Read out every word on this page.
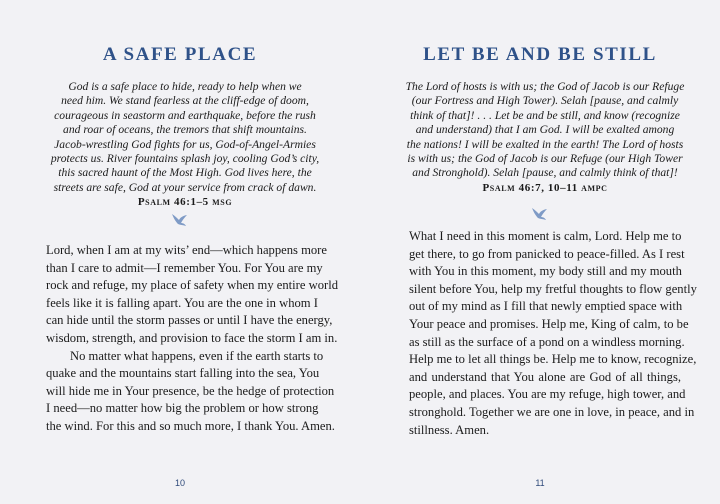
A SAFE PLACE
God is a safe place to hide, ready to help when we
need him. We stand fearless at the cliff-edge of doom,
courageous in seastorm and earthquake, before the rush
and roar of oceans, the tremors that shift mountains.
Jacob-wrestling God fights for us, God-of-Angel-Armies
protects us. River fountains splash joy, cooling God’s city,
this sacred haunt of the Most High. God lives here, the
streets are safe, God at your service from crack of dawn.
Psalm 46:1–5 msg
Lord, when I am at my wits’ end—which happens more
than I care to admit—I remember You. For You are my
rock and refuge, my place of safety when my entire world
feels like it is falling apart. You are the one in whom I
can hide until the storm passes or until I have the energy,
wisdom, strength, and provision to face the storm I am in.
No matter what happens, even if the earth starts to
quake and the mountains start falling into the sea, You
will hide me in Your presence, be the hedge of protection
I need—no matter how big the problem or how strong
the wind. For this and so much more, I thank You. Amen.
10
LET BE AND BE STILL
The Lord of hosts is with us; the God of Jacob is our Refuge
(our Fortress and High Tower). Selah [pause, and calmly
think of that]! . . . Let be and be still, and know (recognize
and understand) that I am God. I will be exalted among
the nations! I will be exalted in the earth! The Lord of hosts
is with us; the God of Jacob is our Refuge (our High Tower
and Stronghold). Selah [pause, and calmly think of that]!
Psalm 46:7, 10–11 ampc
What I need in this moment is calm, Lord. Help me to
get there, to go from panicked to peace-filled. As I rest
with You in this moment, my body still and my mouth
silent before You, help my fretful thoughts to flow gently
out of my mind as I fill that newly emptied space with
Your peace and promises. Help me, King of calm, to be
as still as the surface of a pond on a windless morning.
Help me to let all things be. Help me to know, recognize,
and understand that You alone are God of all things,
people, and places. You are my refuge, high tower, and
stronghold. Together we are one in love, in peace, and in
stillness. Amen.
11
